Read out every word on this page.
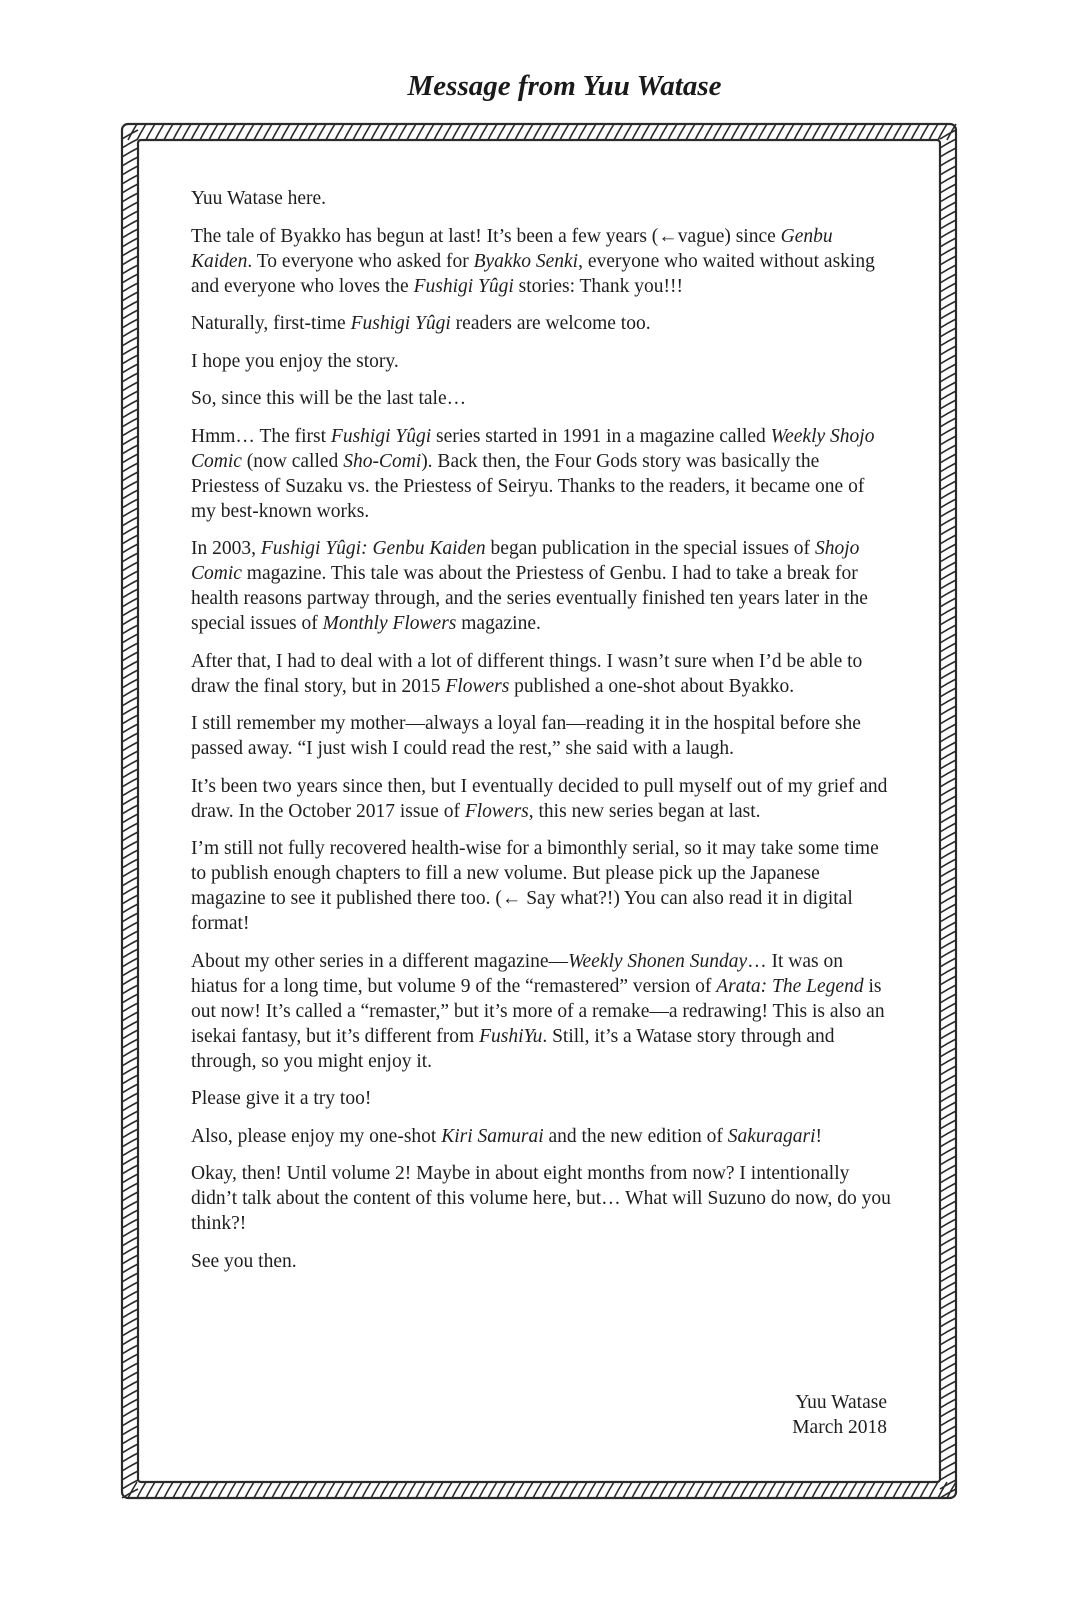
Message from Yuu Watase

Yuu Watase here.

The tale of Byakko has begun at last! It’s been a few years (←vague) since Genbu Kaiden. To everyone who asked for Byakko Senki, everyone who waited without asking and everyone who loves the Fushigi Yûgi stories: Thank you!!!

Naturally, first-time Fushigi Yûgi readers are welcome too.

I hope you enjoy the story.

So, since this will be the last tale…

Hmm… The first Fushigi Yûgi series started in 1991 in a magazine called Weekly Shojo Comic (now called Sho-Comi). Back then, the Four Gods story was basically the Priestess of Suzaku vs. the Priestess of Seiryu. Thanks to the readers, it became one of my best-known works.

In 2003, Fushigi Yûgi: Genbu Kaiden began publication in the special issues of Shojo Comic magazine. This tale was about the Priestess of Genbu. I had to take a break for health reasons partway through, and the series eventually finished ten years later in the special issues of Monthly Flowers magazine.

After that, I had to deal with a lot of different things. I wasn’t sure when I’d be able to draw the final story, but in 2015 Flowers published a one-shot about Byakko.

I still remember my mother—always a loyal fan—reading it in the hospital before she passed away. “I just wish I could read the rest,” she said with a laugh.

It’s been two years since then, but I eventually decided to pull myself out of my grief and draw. In the October 2017 issue of Flowers, this new series began at last.

I’m still not fully recovered health-wise for a bimonthly serial, so it may take some time to publish enough chapters to fill a new volume. But please pick up the Japanese magazine to see it published there too. (← Say what?!) You can also read it in digital format!

About my other series in a different magazine—Weekly Shonen Sunday… It was on hiatus for a long time, but volume 9 of the “remastered” version of Arata: The Legend is out now! It’s called a “remaster,” but it’s more of a remake—a redrawing! This is also an isekai fantasy, but it’s different from FushiYu. Still, it’s a Watase story through and through, so you might enjoy it.

Please give it a try too!

Also, please enjoy my one-shot Kiri Samurai and the new edition of Sakuragari!

Okay, then! Until volume 2! Maybe in about eight months from now? I intentionally didn’t talk about the content of this volume here, but… What will Suzuno do now, do you think?!

See you then.

Yuu Watase
March 2018
